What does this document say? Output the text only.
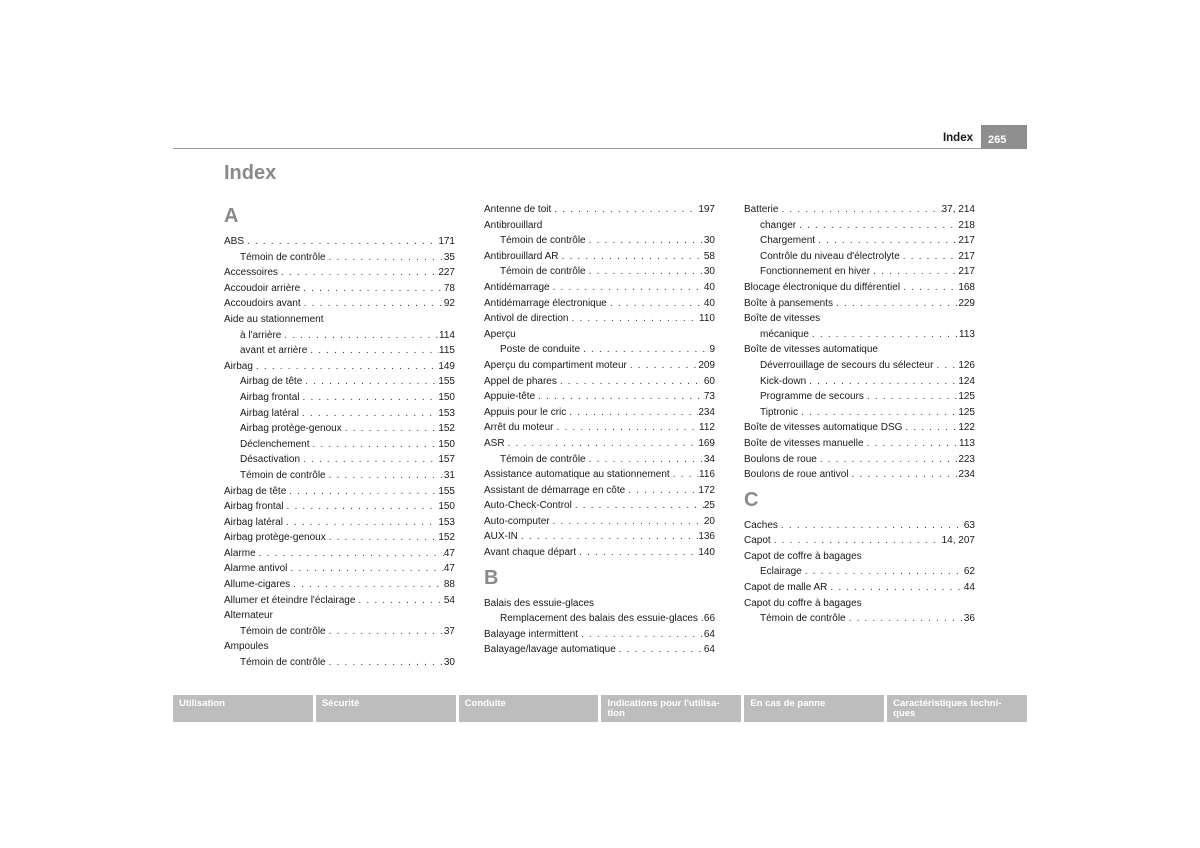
Index	265
Index
A
ABS . . .	171
Témoin de contrôle . . .	35
Accessoires . . .	227
Accoudoir arrière . . .	78
Accoudoirs avant . . .	92
Aide au stationnement
à l'arrière . . .	114
avant et arrière . . .	115
Airbag . . .	149
Airbag de tête . . .	155
Airbag frontal . . .	150
Airbag latéral . . .	153
Airbag protège-genoux . . .	152
Déclenchement . . .	150
Désactivation . . .	157
Témoin de contrôle . . .	31
Airbag de tête . . .	155
Airbag frontal . . .	150
Airbag latéral . . .	153
Airbag protège-genoux . . .	152
Alarme . . .	47
Alarme antivol . . .	47
Allume-cigares . . .	88
Allumer et éteindre l'éclairage . . .	54
Alternateur
Témoin de contrôle . . .	37
Ampoules
Témoin de contrôle . . .	30
Antenne de toit . . .	197
Antibrouillard
Témoin de contrôle . . .	30
Antibrouillard AR . . .	58
Témoin de contrôle . . .	30
Antidémarrage . . .	40
Antidémarrage électronique . . .	40
Antivol de direction . . .	110
Aperçu
Poste de conduite . . .	9
Aperçu du compartiment moteur . . .	209
Appel de phares . . .	60
Appuie-tête . . .	73
Appuis pour le cric . . .	234
Arrêt du moteur . . .	112
ASR . . .	169
Témoin de contrôle . . .	34
Assistance automatique au stationnement . . .	116
Assistant de démarrage en côte . . .	172
Auto-Check-Control . . .	25
Auto-computer . . .	20
AUX-IN . . .	136
Avant chaque départ . . .	140
B
Balais des essuie-glaces
Remplacement des balais des essuie-glaces . . . 66
Balayage intermittent . . .	64
Balayage/lavage automatique . . .	64
Batterie . . .	37, 214
changer . . .	218
Chargement . . .	217
Contrôle du niveau d'électrolyte . . .	217
Fonctionnement en hiver . . .	217
Blocage électronique du différentiel . . .	168
Boîte à pansements . . .	229
Boîte de vitesses
mécanique . . .	113
Boîte de vitesses automatique
Déverrouillage de secours du sélecteur . . . 126
Kick-down . . .	124
Programme de secours . . .	125
Tiptronic . . .	125
Boîte de vitesses automatique DSG . . .	122
Boîte de vitesses manuelle . . .	113
Boulons de roue . . .	223
Boulons de roue antivol . . .	234
C
Caches . . .	63
Capot . . .	14, 207
Capot de coffre à bagages
Eclairage . . .	62
Capot de malle AR . . .	44
Capot du coffre à bagages
Témoin de contrôle . . .	36
Utilisation	Sécurité	Conduite	Indications pour l'utilisa-
tion
En cas de panne	Caractéristiques techni-
ques
